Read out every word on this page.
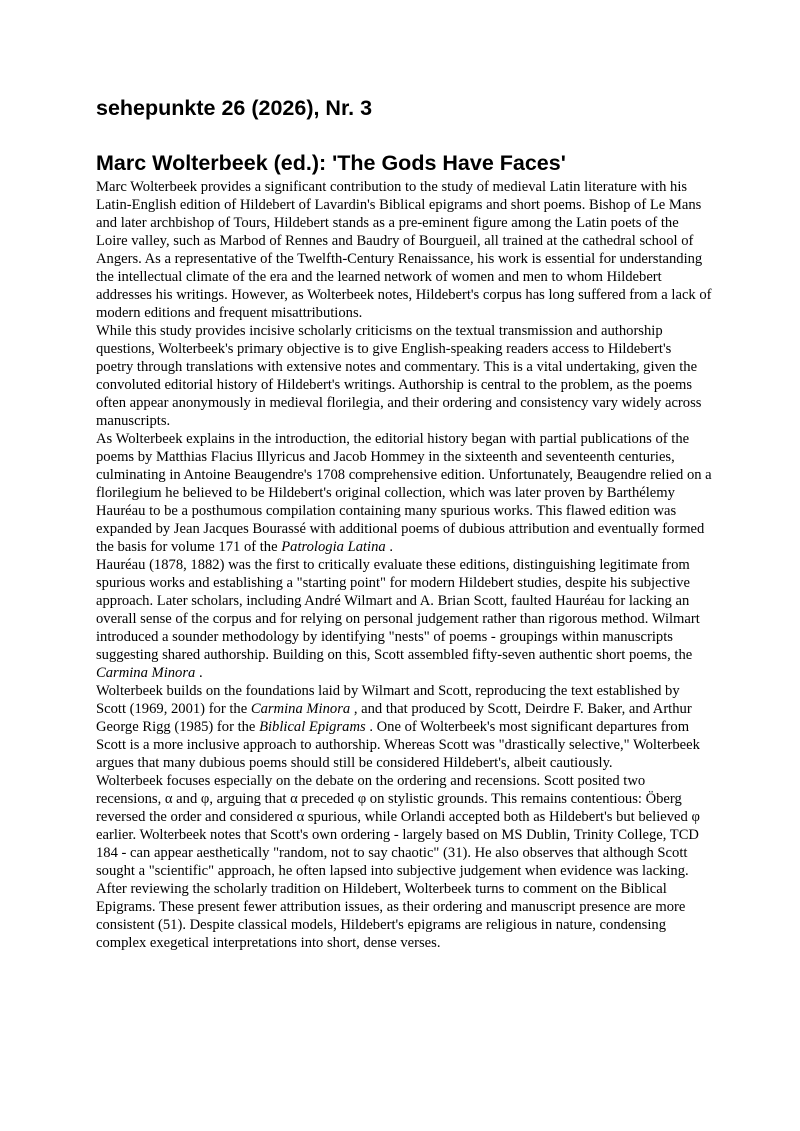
sehepunkte 26 (2026), Nr. 3
Marc Wolterbeek (ed.): 'The Gods Have Faces'

Marc Wolterbeek provides a significant contribution to the study of medieval Latin literature with his Latin-English edition of Hildebert of Lavardin's Biblical epigrams and short poems. Bishop of Le Mans and later archbishop of Tours, Hildebert stands as a pre-eminent figure among the Latin poets of the Loire valley, such as Marbod of Rennes and Baudry of Bourgueil, all trained at the cathedral school of Angers. As a representative of the Twelfth-Century Renaissance, his work is essential for understanding the intellectual climate of the era and the learned network of women and men to whom Hildebert addresses his writings. However, as Wolterbeek notes, Hildebert's corpus has long suffered from a lack of modern editions and frequent misattributions.

While this study provides incisive scholarly criticisms on the textual transmission and authorship questions, Wolterbeek's primary objective is to give English-speaking readers access to Hildebert's poetry through translations with extensive notes and commentary. This is a vital undertaking, given the convoluted editorial history of Hildebert's writings. Authorship is central to the problem, as the poems often appear anonymously in medieval florilegia, and their ordering and consistency vary widely across manuscripts.

As Wolterbeek explains in the introduction, the editorial history began with partial publications of the poems by Matthias Flacius Illyricus and Jacob Hommey in the sixteenth and seventeenth centuries, culminating in Antoine Beaugendre's 1708 comprehensive edition. Unfortunately, Beaugendre relied on a florilegium he believed to be Hildebert's original collection, which was later proven by Barthélemy Hauréau to be a posthumous compilation containing many spurious works. This flawed edition was expanded by Jean Jacques Bourassé with additional poems of dubious attribution and eventually formed the basis for volume 171 of the Patrologia Latina .

Hauréau (1878, 1882) was the first to critically evaluate these editions, distinguishing legitimate from spurious works and establishing a "starting point" for modern Hildebert studies, despite his subjective approach. Later scholars, including André Wilmart and A. Brian Scott, faulted Hauréau for lacking an overall sense of the corpus and for relying on personal judgement rather than rigorous method. Wilmart introduced a sounder methodology by identifying "nests" of poems - groupings within manuscripts suggesting shared authorship. Building on this, Scott assembled fifty-seven authentic short poems, the Carmina Minora .

Wolterbeek builds on the foundations laid by Wilmart and Scott, reproducing the text established by Scott (1969, 2001) for the Carmina Minora , and that produced by Scott, Deirdre F. Baker, and Arthur George Rigg (1985) for the Biblical Epigrams . One of Wolterbeek's most significant departures from Scott is a more inclusive approach to authorship. Whereas Scott was "drastically selective," Wolterbeek argues that many dubious poems should still be considered Hildebert's, albeit cautiously.

Wolterbeek focuses especially on the debate on the ordering and recensions. Scott posited two recensions, α and φ, arguing that α preceded φ on stylistic grounds. This remains contentious: Öberg reversed the order and considered α spurious, while Orlandi accepted both as Hildebert's but believed φ earlier. Wolterbeek notes that Scott's own ordering - largely based on MS Dublin, Trinity College, TCD 184 - can appear aesthetically "random, not to say chaotic" (31). He also observes that although Scott sought a "scientific" approach, he often lapsed into subjective judgement when evidence was lacking.

After reviewing the scholarly tradition on Hildebert, Wolterbeek turns to comment on the Biblical Epigrams. These present fewer attribution issues, as their ordering and manuscript presence are more consistent (51). Despite classical models, Hildebert's epigrams are religious in nature, condensing complex exegetical interpretations into short, dense verses.
